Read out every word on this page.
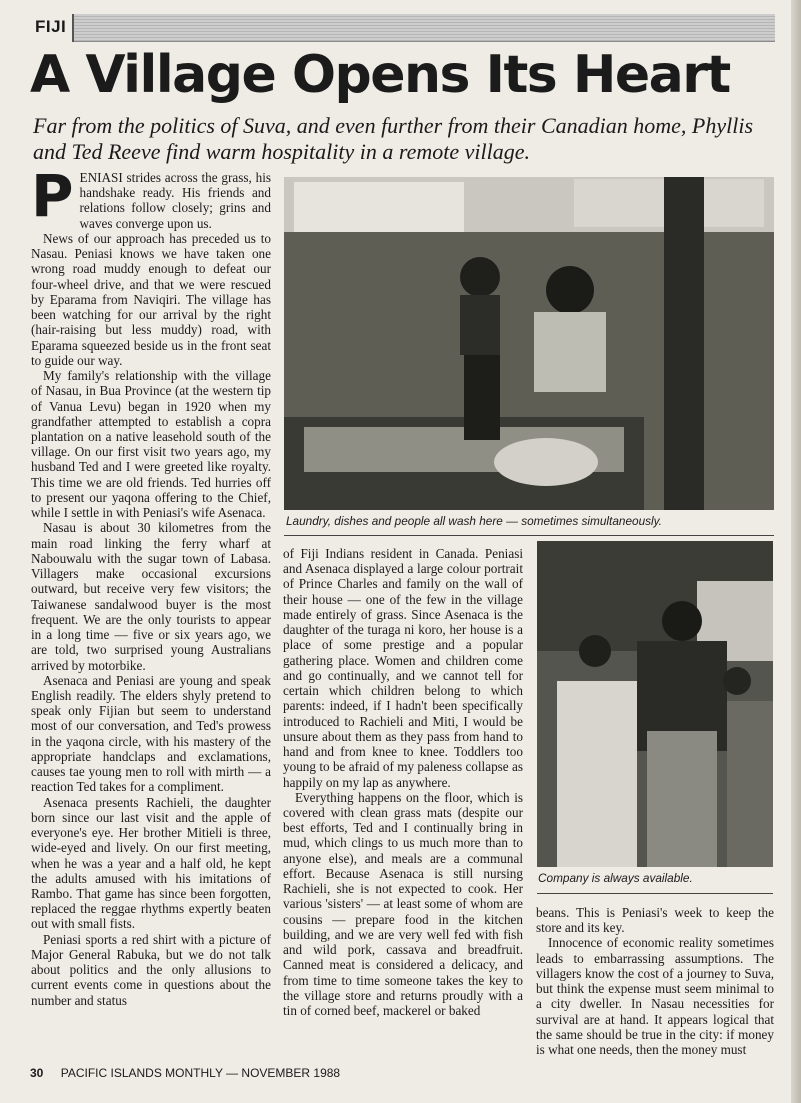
FIJI
A Village Opens Its Heart
Far from the politics of Suva, and even further from their Canadian home, Phyllis and Ted Reeve find warm hospitality in a remote village.

PENIASI strides across the grass, his handshake ready. His friends and relations follow closely; grins and waves converge upon us.

News of our approach has preceded us to Nasau. Peniasi knows we have taken one wrong road muddy enough to defeat our four-wheel drive, and that we were rescued by Eparama from Naviqiri. The village has been watching for our arrival by the right (hair-raising but less muddy) road, with Eparama squeezed beside us in the front seat to guide our way.

My family's relationship with the village of Nasau, in Bua Province (at the western tip of Vanua Levu) began in 1920 when my grandfather attempted to establish a copra plantation on a native leasehold south of the village. On our first visit two years ago, my husband Ted and I were greeted like royalty. This time we are old friends. Ted hurries off to present our yaqona offering to the Chief, while I settle in with Peniasi's wife Asenaca.

Nasau is about 30 kilometres from the main road linking the ferry wharf at Nabouwalu with the sugar town of Labasa. Villagers make occasional excursions outward, but receive very few visitors; the Taiwanese sandalwood buyer is the most frequent. We are the only tourists to appear in a long time — five or six years ago, we are told, two surprised young Australians arrived by motorbike.

Asenaca and Peniasi are young and speak English readily. The elders shyly pretend to speak only Fijian but seem to understand most of our conversation, and Ted's prowess in the yaqona circle, with his mastery of the appropriate handclaps and exclamations, causes tae young men to roll with mirth — a reaction Ted takes for a compliment.

Asenaca presents Rachieli, the daughter born since our last visit and the apple of everyone's eye. Her brother Mitieli is three, wide-eyed and lively. On our first meeting, when he was a year and a half old, he kept the adults amused with his imitations of Rambo. That game has since been forgotten, replaced the reggae rhythms expertly beaten out with small fists.

Peniasi sports a red shirt with a picture of Major General Rabuka, but we do not talk about politics and the only allusions to current events come in questions about the number and status

Laundry, dishes and people all wash here — sometimes simultaneously.

of Fiji Indians resident in Canada. Peniasi and Asenaca displayed a large colour portrait of Prince Charles and family on the wall of their house — one of the few in the village made entirely of grass. Since Asenaca is the daughter of the turaga ni koro, her house is a place of some prestige and a popular gathering place. Women and children come and go continually, and we cannot tell for certain which children belong to which parents: indeed, if I hadn't been specifically introduced to Rachieli and Miti, I would be unsure about them as they pass from hand to hand and from knee to knee. Toddlers too young to be afraid of my paleness collapse as happily on my lap as anywhere.

Everything happens on the floor, which is covered with clean grass mats (despite our best efforts, Ted and I continually bring in mud, which clings to us much more than to anyone else), and meals are a communal effort. Because Asenaca is still nursing Rachieli, she is not expected to cook. Her various 'sisters' — at least some of whom are cousins — prepare food in the kitchen building, and we are very well fed with fish and wild pork, cassava and breadfruit. Canned meat is considered a delicacy, and from time to time someone takes the key to the village store and returns proudly with a tin of corned beef, mackerel or baked

Company is always available.

beans. This is Peniasi's week to keep the store and its key.

Innocence of economic reality sometimes leads to embarrassing assumptions. The villagers know the cost of a journey to Suva, but think the expense must seem minimal to a city dweller. In Nasau necessities for survival are at hand. It appears logical that the same should be true in the city: if money is what one needs, then the money must

30 PACIFIC ISLANDS MONTHLY — NOVEMBER 1988
